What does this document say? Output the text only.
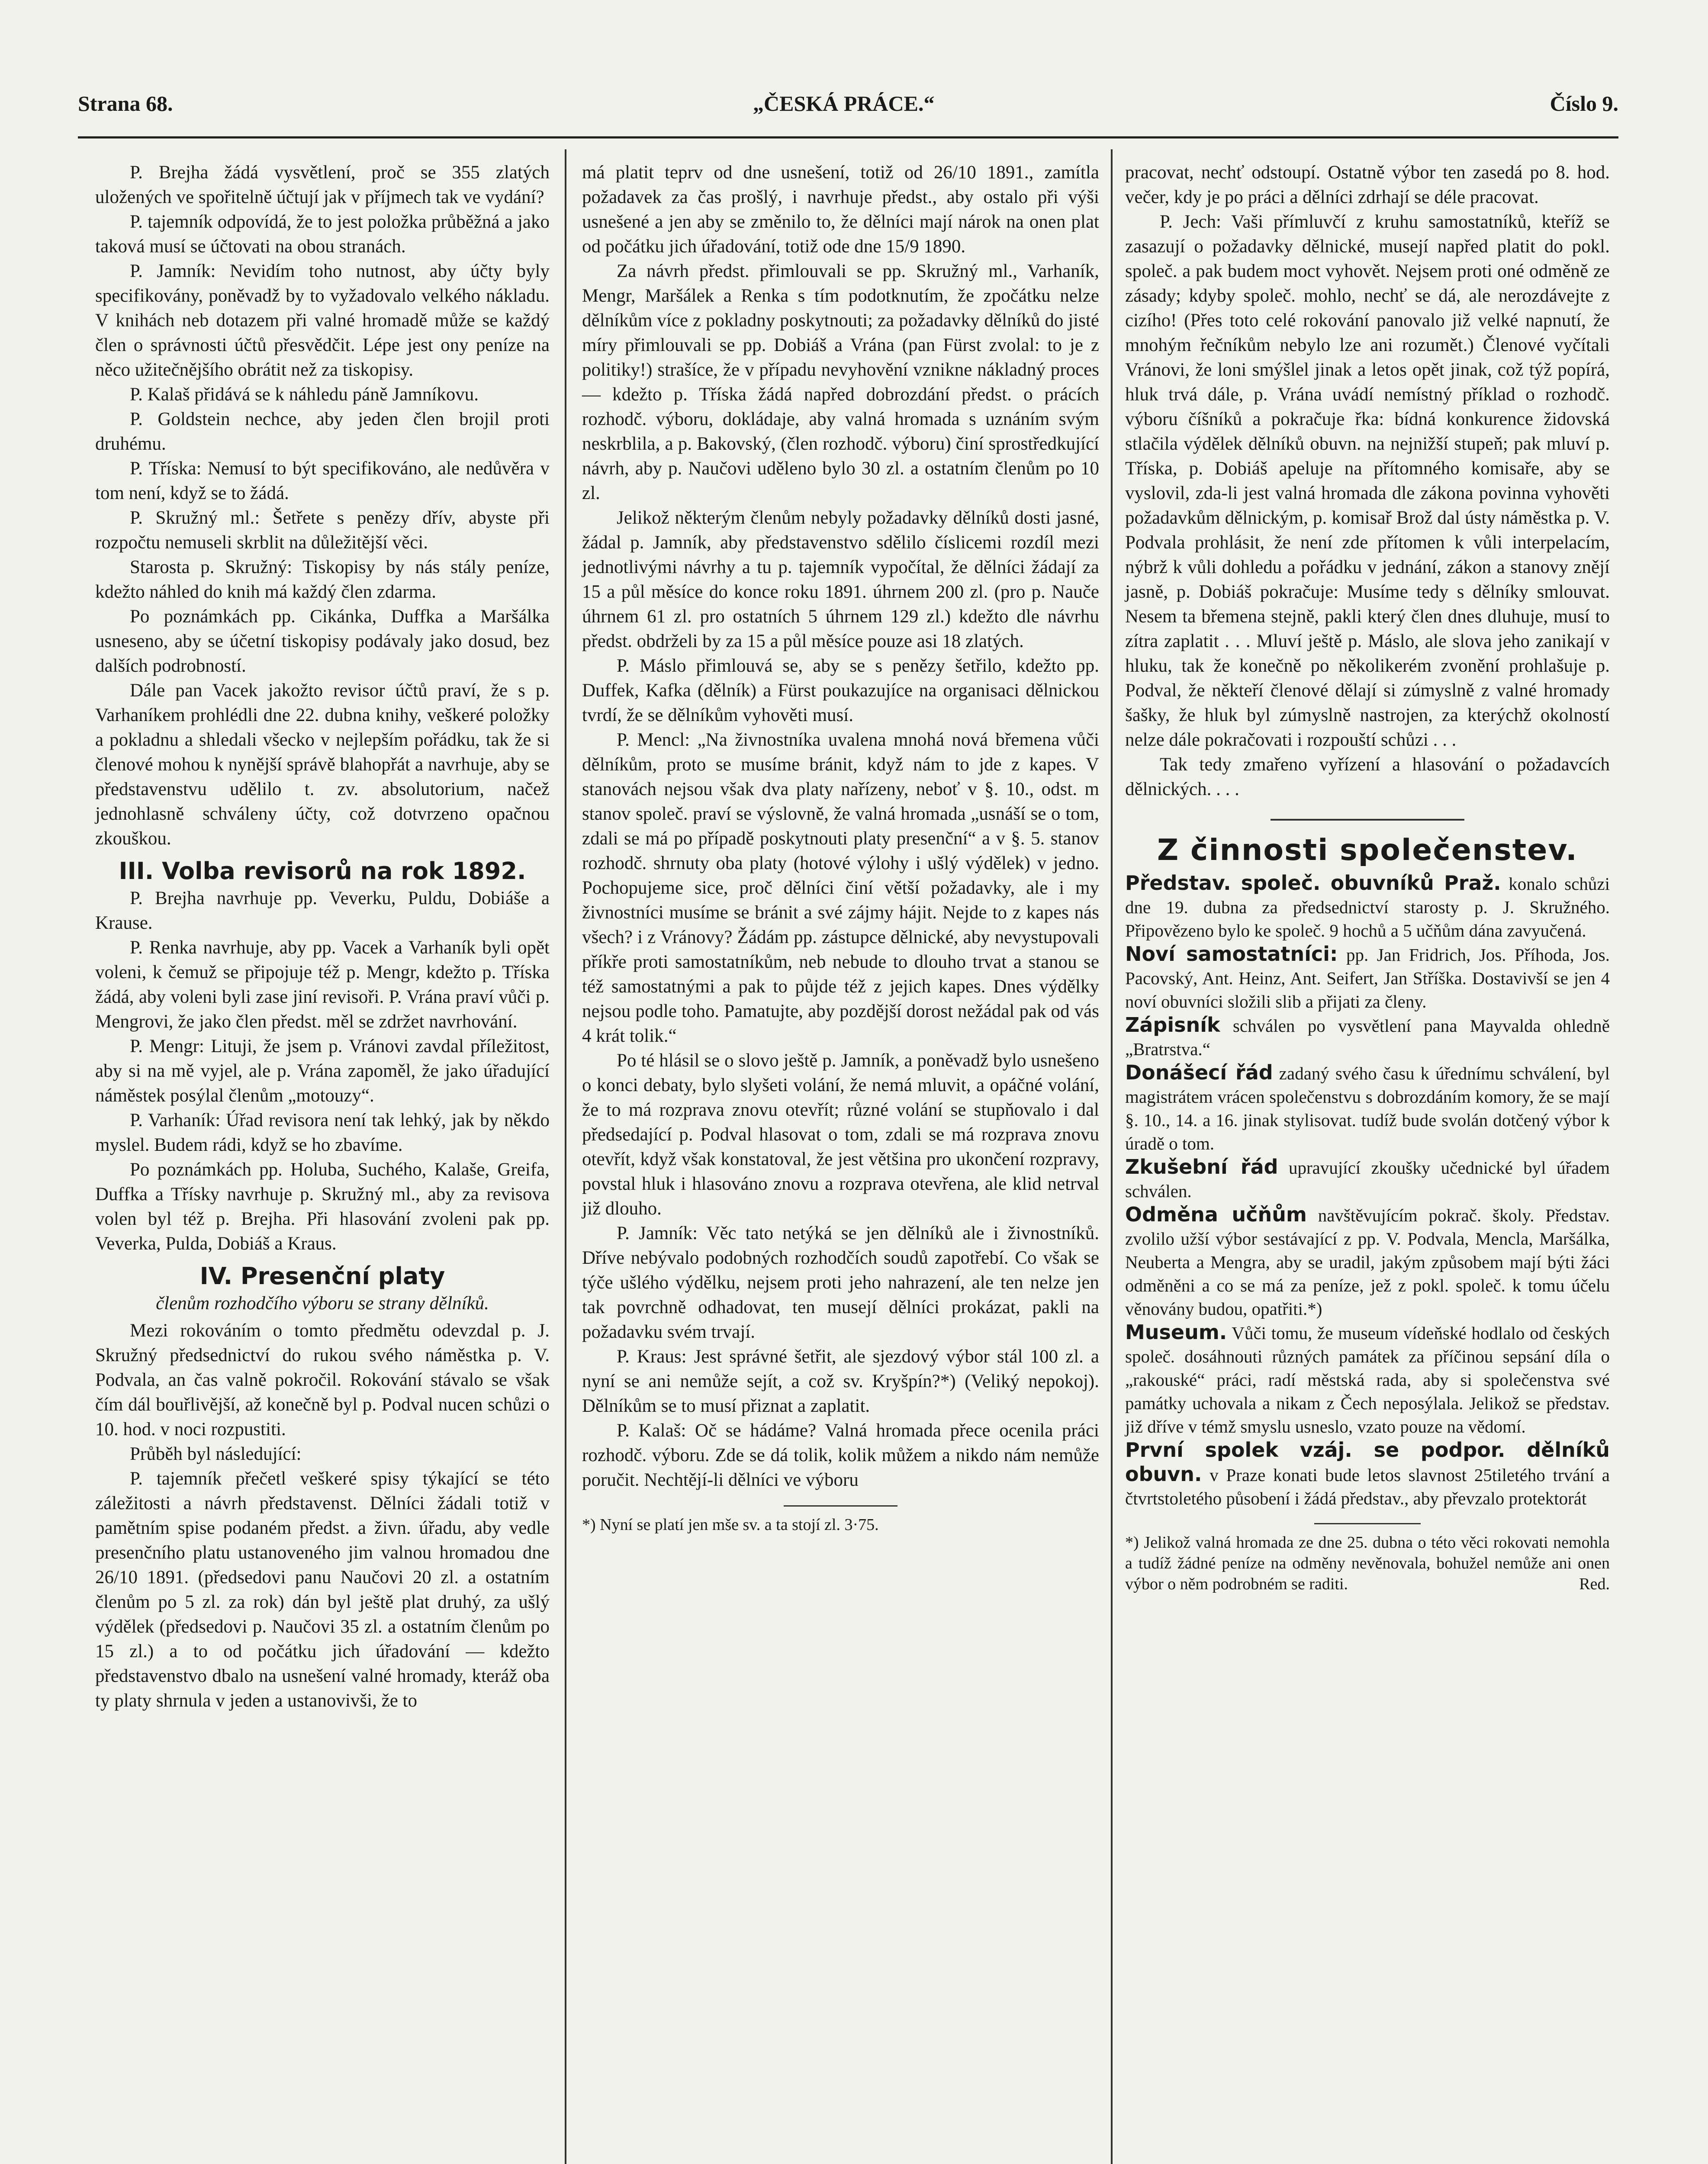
Strana 68.	„ČESKÁ PRÁCE.“	Číslo 9.

P. Brejha žádá vysvětlení, proč se 355 zlatých uložených ve spořitelně účtují jak v příjmech tak ve vydání?

P. tajemník odpovídá, že to jest položka průběžná a jako taková musí se účtovati na obou stranách.

P. Jamník: Nevidím toho nutnost, aby účty byly specifikovány, poněvadž by to vyžadovalo velkého nákladu. V knihách neb dotazem při valné hromadě může se každý člen o správnosti účtů přesvědčit. Lépe jest ony peníze na něco užitečnějšího obrátit než za tiskopisy.

P. Kalaš přidává se k náhledu páně Jamníkovu.

P. Goldstein nechce, aby jeden člen brojil proti druhému.

P. Tříska: Nemusí to být specifikováno, ale nedůvěra v tom není, když se to žádá.

P. Skružný ml.: Šetřete s penězy dřív, abyste při rozpočtu nemuseli skrblit na důležitější věci.

Starosta p. Skružný: Tiskopisy by nás stály peníze, kdežto náhled do knih má každý člen zdarma.

Po poznámkách pp. Cikánka, Duffka a Maršálka usneseno, aby se účetní tiskopisy podávaly jako dosud, bez dalších podrobností.

Dále pan Vacek jakožto revisor účtů praví, že s p. Varhaníkem prohlédli dne 22. dubna knihy, veškeré položky a pokladnu a shledali všecko v nejlepším pořádku, tak že si členové mohou k nynější správě blahopřát a navrhuje, aby se představenstvu udělilo t. zv. absolutorium, načež jednohlasně schváleny účty, což dotvrzeno opačnou zkouškou.

III. Volba revisorů na rok 1892.

P. Brejha navrhuje pp. Veverku, Puldu, Dobiáše a Krause.

P. Renka navrhuje, aby pp. Vacek a Varhaník byli opět voleni, k čemuž se připojuje též p. Mengr, kdežto p. Tříska žádá, aby voleni byli zase jiní revisoři. P. Vrána praví vůči p. Mengrovi, že jako člen předst. měl se zdržet navrhování.

P. Mengr: Lituji, že jsem p. Vránovi zavdal příležitost, aby si na mě vyjel, ale p. Vrána zapoměl, že jako úřadující náměstek posýlal členům „motouzy“.

P. Varhaník: Úřad revisora není tak lehký, jak by někdo myslel. Budem rádi, když se ho zbavíme.

Po poznámkách pp. Holuba, Suchého, Kalaše, Greifa, Duffka a Třísky navrhuje p. Skružný ml., aby za revisova volen byl též p. Brejha. Při hlasování zvoleni pak pp. Veverka, Pulda, Dobiáš a Kraus.

IV. Presenční platy

členům rozhodčího výboru se strany dělníků.

Mezi rokováním o tomto předmětu odevzdal p. J. Skružný předsednictví do rukou svého náměstka p. V. Podvala, an čas valně pokročil. Rokování stávalo se však čím dál bouřlivější, až konečně byl p. Podval nucen schůzi o 10. hod. v noci rozpustiti.

Průběh byl následující:

P. tajemník přečetl veškeré spisy týkající se této záležitosti a návrh představenst. Dělníci žádali totiž v pamětním spise podaném předst. a živn. úřadu, aby vedle presenčního platu ustanoveného jim valnou hromadou dne 26/10 1891. (předsedovi panu Naučovi 20 zl. a ostatním členům po 5 zl. za rok) dán byl ještě plat druhý, za ušlý výdělek (předsedovi p. Naučovi 35 zl. a ostatním členům po 15 zl.) a to od počátku jich úřadování — kdežto představenstvo dbalo na usnešení valné hromady, kteráž oba ty platy shrnula v jeden a ustanovivši, že to

má platit teprv od dne usnešení, totiž od 26/10 1891., zamítla požadavek za čas prošlý, i navrhuje předst., aby ostalo při výši usnešené a jen aby se změnilo to, že dělníci mají nárok na onen plat od počátku jich úřadování, totiž ode dne 15/9 1890.

Za návrh předst. přimlouvali se pp. Skružný ml., Varhaník, Mengr, Maršálek a Renka s tím podotknutím, že zpočátku nelze dělníkům více z pokladny poskytnouti; za požadavky dělníků do jisté míry přimlouvali se pp. Dobiáš a Vrána (pan Fürst zvolal: to je z politiky!) strašíce, že v případu nevyhovění vznikne nákladný proces — kdežto p. Tříska žádá napřed dobrozdání předst. o prácích rozhodč. výboru, dokládaje, aby valná hromada s uznáním svým neskrblila, a p. Bakovský, (člen rozhodč. výboru) činí sprostředkující návrh, aby p. Naučovi uděleno bylo 30 zl. a ostatním členům po 10 zl.

Jelikož některým členům nebyly požadavky dělníků dosti jasné, žádal p. Jamník, aby představenstvo sdělilo číslicemi rozdíl mezi jednotlivými návrhy a tu p. tajemník vypočítal, že dělníci žádají za 15 a půl měsíce do konce roku 1891. úhrnem 200 zl. (pro p. Nauče úhrnem 61 zl. pro ostatních 5 úhrnem 129 zl.) kdežto dle návrhu předst. obdrželi by za 15 a půl měsíce pouze asi 18 zlatých.

P. Máslo přimlouvá se, aby se s penězy šetřilo, kdežto pp. Duffek, Kafka (dělník) a Fürst poukazujíce na organisaci dělnickou tvrdí, že se dělníkům vyhověti musí.

P. Mencl: „Na živnostníka uvalena mnohá nová břemena vůči dělníkům, proto se musíme bránit, když nám to jde z kapes. V stanovách nejsou však dva platy nařízeny, neboť v §. 10., odst. m stanov společ. praví se výslovně, že valná hromada „usnáší se o tom, zdali se má po případě poskytnouti platy presenční“ a v §. 5. stanov rozhodč. shrnuty oba platy (hotové výlohy i ušlý výdělek) v jedno. Pochopujeme sice, proč dělníci činí větší požadavky, ale i my živnostníci musíme se bránit a své zájmy hájit. Nejde to z kapes nás všech? i z Vránovy? Žádám pp. zástupce dělnické, aby nevystupovali příkře proti samostatníkům, neb nebude to dlouho trvat a stanou se též samostatnými a pak to půjde též z jejich kapes. Dnes výdělky nejsou podle toho. Pamatujte, aby pozdější dorost nežádal pak od vás 4 krát tolik.“

Po té hlásil se o slovo ještě p. Jamník, a poněvadž bylo usnešeno o konci debaty, bylo slyšeti volání, že nemá mluvit, a opáčné volání, že to má rozprava znovu otevřít; různé volání se stupňovalo i dal předsedající p. Podval hlasovat o tom, zdali se má rozprava znovu otevřít, když však konstatoval, že jest většina pro ukončení rozpravy, povstal hluk i hlasováno znovu a rozprava otevřena, ale klid netrval již dlouho.

P. Jamník: Věc tato netýká se jen dělníků ale i živnostníků. Dříve nebývalo podobných rozhodčích soudů zapotřebí. Co však se týče ušlého výdělku, nejsem proti jeho nahrazení, ale ten nelze jen tak povrchně odhadovat, ten musejí dělníci prokázat, pakli na požadavku svém trvají.

P. Kraus: Jest správné šetřit, ale sjezdový výbor stál 100 zl. a nyní se ani nemůže sejít, a což sv. Kryšpín?*) (Veliký nepokoj). Dělníkům se to musí přiznat a zaplatit.

P. Kalaš: Oč se hádáme? Valná hromada přece ocenila práci rozhodč. výboru. Zde se dá tolik, kolik můžem a nikdo nám nemůže poručit. Nechtějí-li dělníci ve výboru

*) Nyní se platí jen mše sv. a ta stojí zl. 3·75.

pracovat, nechť odstoupí. Ostatně výbor ten zasedá po 8. hod. večer, kdy je po práci a dělníci zdrhají se déle pracovat.

P. Jech: Vaši přímluvčí z kruhu samostatníků, kteříž se zasazují o požadavky dělnické, musejí napřed platit do pokl. společ. a pak budem moct vyhovět. Nejsem proti oné odměně ze zásady; kdyby společ. mohlo, nechť se dá, ale nerozdávejte z cizího! (Přes toto celé rokování panovalo již velké napnutí, že mnohým řečníkům nebylo lze ani rozumět.) Členové vyčítali Vránovi, že loni smýšlel jinak a letos opět jinak, což týž popírá, hluk trvá dále, p. Vrána uvádí nemístný příklad o rozhodč. výboru číšníků a pokračuje řka: bídná konkurence židovská stlačila výdělek dělníků obuvn. na nejnižší stupeň; pak mluví p. Tříska, p. Dobiáš apeluje na přítomného komisaře, aby se vyslovil, zda-li jest valná hromada dle zákona povinna vyhověti požadavkům dělnickým, p. komisař Brož dal ústy náměstka p. V. Podvala prohlásit, že není zde přítomen k vůli interpelacím, nýbrž k vůli dohledu a pořádku v jednání, zákon a stanovy znějí jasně, p. Dobiáš pokračuje: Musíme tedy s dělníky smlouvat. Nesem ta břemena stejně, pakli který člen dnes dluhuje, musí to zítra zaplatit . . . Mluví ještě p. Máslo, ale slova jeho zanikají v hluku, tak že konečně po několikerém zvonění prohlašuje p. Podval, že někteří členové dělají si zúmyslně z valné hromady šašky, že hluk byl zúmyslně nastrojen, za kterýchž okolností nelze dále pokračovati i rozpouští schůzi . . .

Tak tedy zmařeno vyřízení a hlasování o požadavcích dělnických. . . .

Z činnosti společenstev.

Představ. společ. obuvníků Praž. konalo schůzi dne 19. dubna za předsednictví starosty p. J. Skružného. Připovězeno bylo ke společ. 9 hochů a 5 učňům dána zavyučená.

Noví samostatníci: pp. Jan Fridrich, Jos. Příhoda, Jos. Pacovský, Ant. Heinz, Ant. Seifert, Jan Stříška. Dostavivší se jen 4 noví obuvníci složili slib a přijati za členy.

Zápisník schválen po vysvětlení pana Mayvalda ohledně „Bratrstva.“

Donášecí řád zadaný svého času k úřednímu schválení, byl magistrátem vrácen společenstvu s dobrozdáním komory, že se mají §. 10., 14. a 16. jinak stylisovat. tudíž bude svolán dotčený výbor k úradě o tom.

Zkušební řád upravující zkoušky učednické byl úřadem schválen.

Odměna učňům navštěvujícím pokrač. školy. Představ. zvolilo užší výbor sestávající z pp. V. Podvala, Mencla, Maršálka, Neuberta a Mengra, aby se uradil, jakým způsobem mají býti žáci odměněni a co se má za peníze, jež z pokl. společ. k tomu účelu věnovány budou, opatřiti.*)

Museum. Vůči tomu, že museum vídeňské hodlalo od českých společ. dosáhnouti různých památek za příčinou sepsání díla o „rakouské“ práci, radí městská rada, aby si společenstva své památky uchovala a nikam z Čech neposýlala. Jelikož se představ. již dříve v témž smyslu usneslo, vzato pouze na vědomí.

První spolek vzáj. se podpor. dělníků obuvn. v Praze konati bude letos slavnost 25tiletého trvání a čtvrtstoletého působení i žádá představ., aby převzalo protektorát

*) Jelikož valná hromada ze dne 25. dubna o této věci rokovati nemohla a tudíž žádné peníze na odměny nevěnovala, bohužel nemůže ani onen výbor o něm podrobném se raditi.	Red.
